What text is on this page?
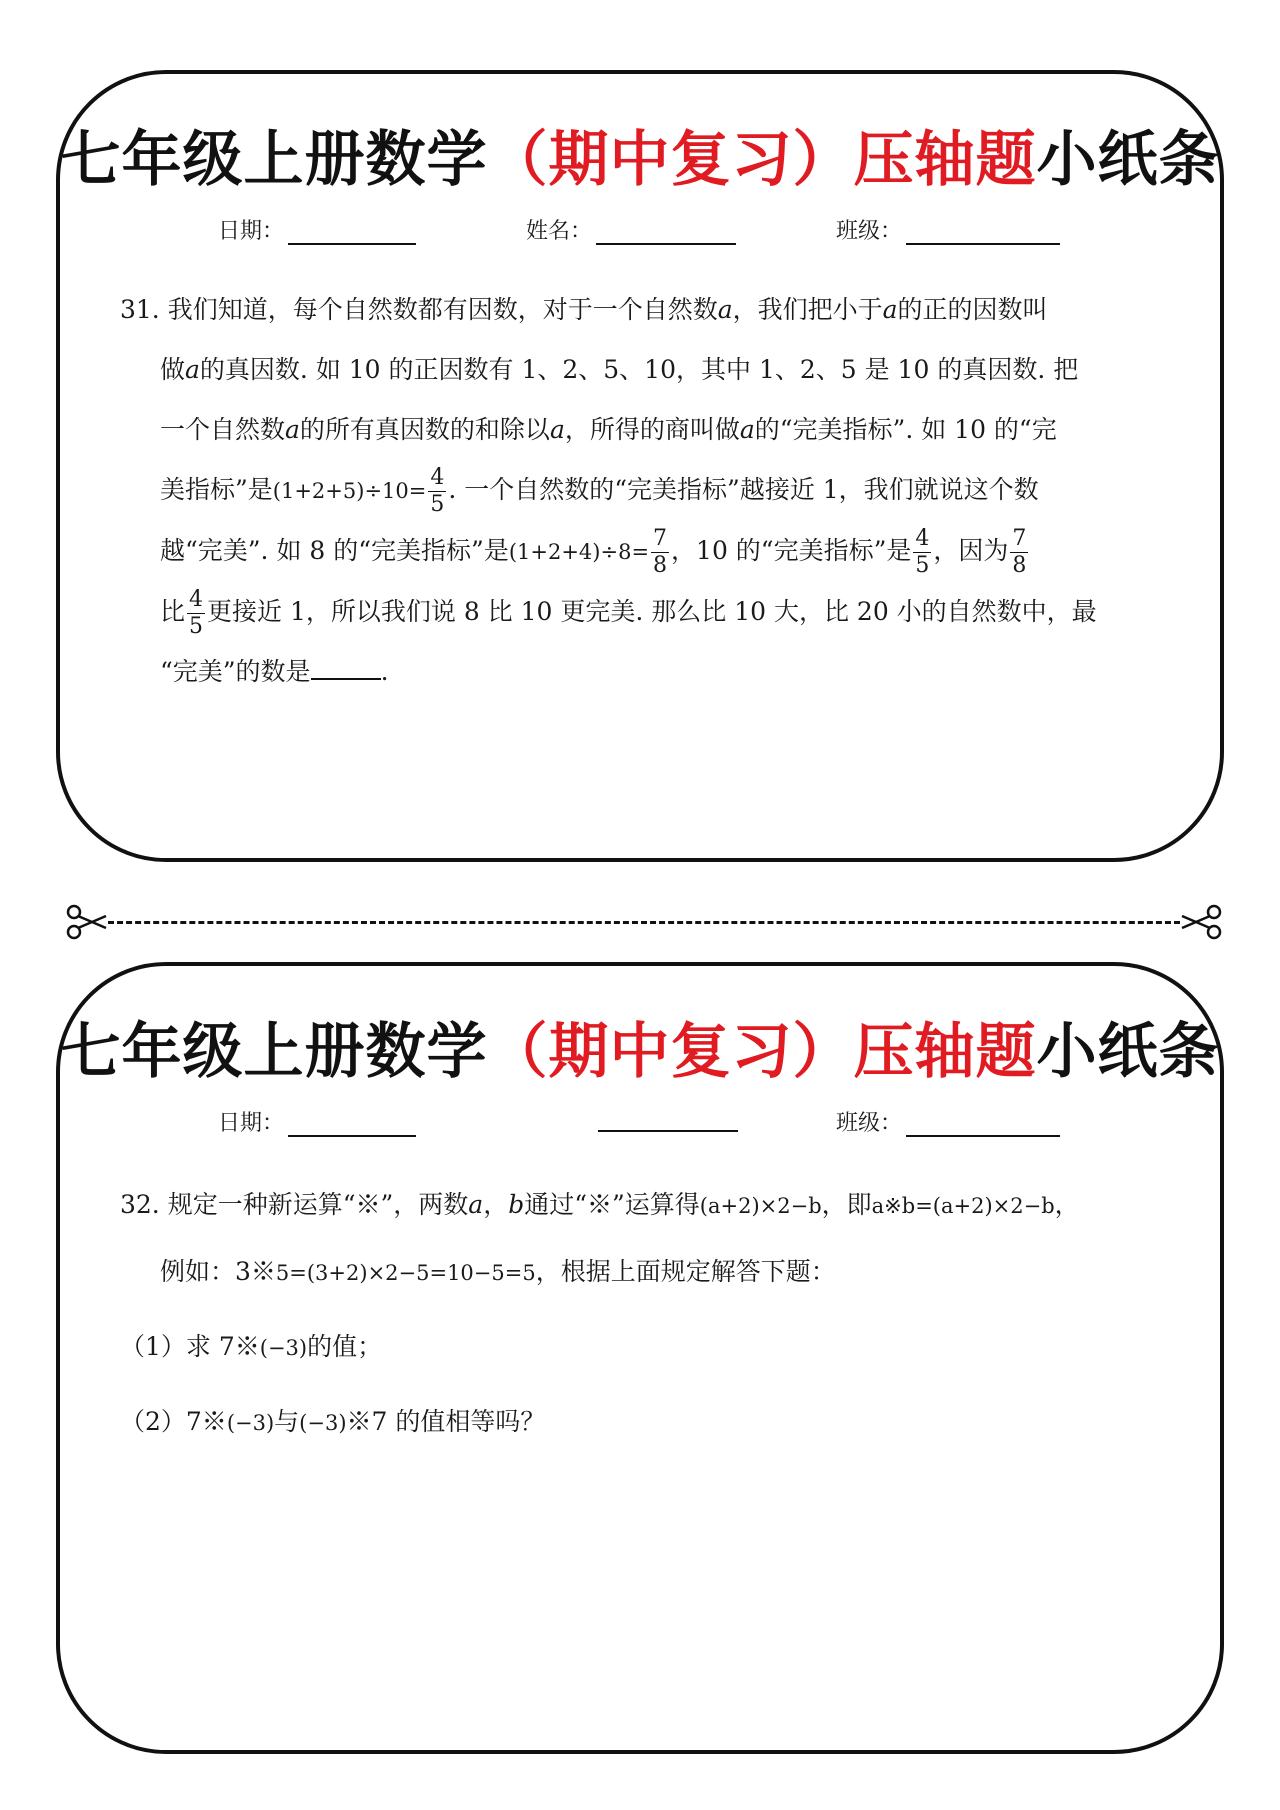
七年级上册数学（期中复习）压轴题小纸条
日期：	姓名：	班级：

31. 我们知道，每个自然数都有因数，对于一个自然数a，我们把小于a的正的因数叫

做a的真因数. 如 10 的正因数有 1、2、5、10，其中 1、2、5 是 10 的真因数. 把

一个自然数a的所有真因数的和除以a，所得的商叫做a的“完美指标”. 如 10 的“完

美指标”是$(1+2+5)\div 10= \frac{4}{5}$ . 一个自然数的“完美指标”越接近 1，我们就说这个数

越“完美”. 如 8 的“完美指标”是$(1+2+4)\div 8= \frac{7}{8}$ ，10 的“完美指标”是 $\frac{4}{5}$ ，因为 $\frac{7}{8}$

比 $\frac{4}{5}$ 更接近 1，所以我们说 8 比 10 更完美. 那么比 10 大，比 20 小的自然数中，最

“完美”的数是	.

七年级上册数学（期中复习）压轴题小纸条
日期：	班级：

32. 规定一种新运算“※”，两数a，b通过“※”运算得(a+2)×2−b，即a※b=(a+2)×2−b，

例如：3※5=(3+2)×2−5=10−5=5，根据上面规定解答下题：

（1）求 7※(−3)的值；

（2）7※(−3)与(−3)※7 的值相等吗？
